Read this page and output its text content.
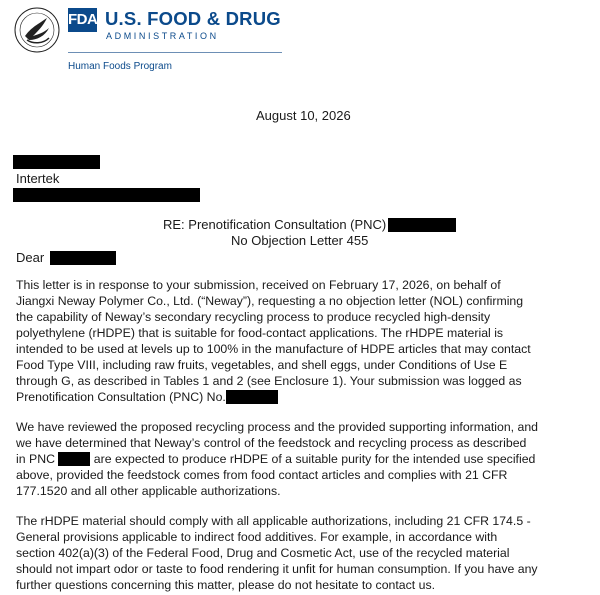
FDA U.S. FOOD & DRUG
ADMINISTRATION
Human Foods Program
August 10, 2026
Intertek
RE: Prenotification Consultation (PNC)
No Objection Letter 455
Dear
This letter is in response to your submission, received on February 17, 2026, on behalf of
Jiangxi Neway Polymer Co., Ltd. (“Neway”), requesting a no objection letter (NOL) confirming
the capability of Neway’s secondary recycling process to produce recycled high-density
polyethylene (rHDPE) that is suitable for food-contact applications. The rHDPE material is
intended to be used at levels up to 100% in the manufacture of HDPE articles that may contact
Food Type VIII, including raw fruits, vegetables, and shell eggs, under Conditions of Use E
through G, as described in Tables 1 and 2 (see Enclosure 1). Your submission was logged as
Prenotification Consultation (PNC) No.
We have reviewed the proposed recycling process and the provided supporting information, and
we have determined that Neway’s control of the feedstock and recycling process as described
in PNC	are expected to produce rHDPE of a suitable purity for the intended use specified
above, provided the feedstock comes from food contact articles and complies with 21 CFR
177.1520 and all other applicable authorizations.
The rHDPE material should comply with all applicable authorizations, including 21 CFR 174.5 -
General provisions applicable to indirect food additives. For example, in accordance with
section 402(a)(3) of the Federal Food, Drug and Cosmetic Act, use of the recycled material
should not impart odor or taste to food rendering it unfit for human consumption. If you have any
further questions concerning this matter, please do not hesitate to contact us.
